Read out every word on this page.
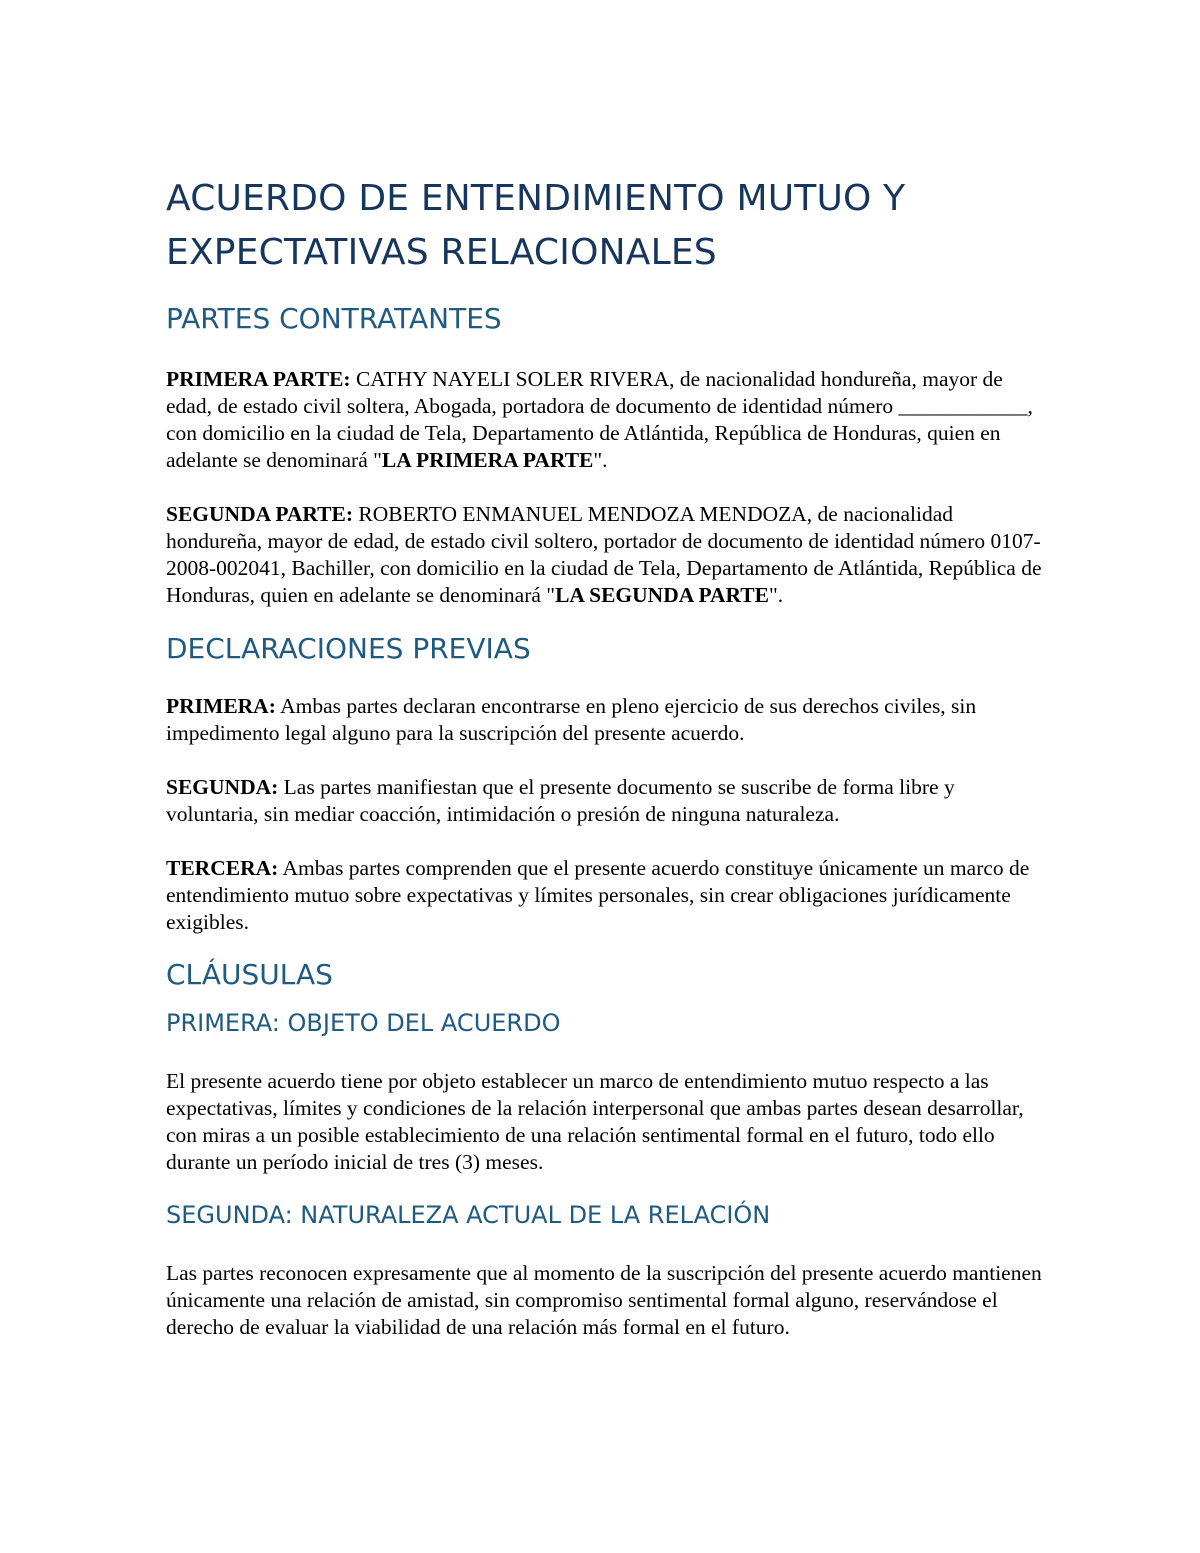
ACUERDO DE ENTENDIMIENTO MUTUO Y EXPECTATIVAS RELACIONALES
PARTES CONTRATANTES

PRIMERA PARTE: CATHY NAYELI SOLER RIVERA, de nacionalidad hondureña, mayor de edad, de estado civil soltera, Abogada, portadora de documento de identidad número ____________, con domicilio en la ciudad de Tela, Departamento de Atlántida, República de Honduras, quien en adelante se denominará "LA PRIMERA PARTE".

SEGUNDA PARTE: ROBERTO ENMANUEL MENDOZA MENDOZA, de nacionalidad hondureña, mayor de edad, de estado civil soltero, portador de documento de identidad número 0107-2008-002041, Bachiller, con domicilio en la ciudad de Tela, Departamento de Atlántida, República de Honduras, quien en adelante se denominará "LA SEGUNDA PARTE".

DECLARACIONES PREVIAS

PRIMERA: Ambas partes declaran encontrarse en pleno ejercicio de sus derechos civiles, sin impedimento legal alguno para la suscripción del presente acuerdo.

SEGUNDA: Las partes manifiestan que el presente documento se suscribe de forma libre y voluntaria, sin mediar coacción, intimidación o presión de ninguna naturaleza.

TERCERA: Ambas partes comprenden que el presente acuerdo constituye únicamente un marco de entendimiento mutuo sobre expectativas y límites personales, sin crear obligaciones jurídicamente exigibles.

CLÁUSULAS
PRIMERA: OBJETO DEL ACUERDO

El presente acuerdo tiene por objeto establecer un marco de entendimiento mutuo respecto a las expectativas, límites y condiciones de la relación interpersonal que ambas partes desean desarrollar, con miras a un posible establecimiento de una relación sentimental formal en el futuro, todo ello durante un período inicial de tres (3) meses.

SEGUNDA: NATURALEZA ACTUAL DE LA RELACIÓN

Las partes reconocen expresamente que al momento de la suscripción del presente acuerdo mantienen únicamente una relación de amistad, sin compromiso sentimental formal alguno, reservándose el derecho de evaluar la viabilidad de una relación más formal en el futuro.
